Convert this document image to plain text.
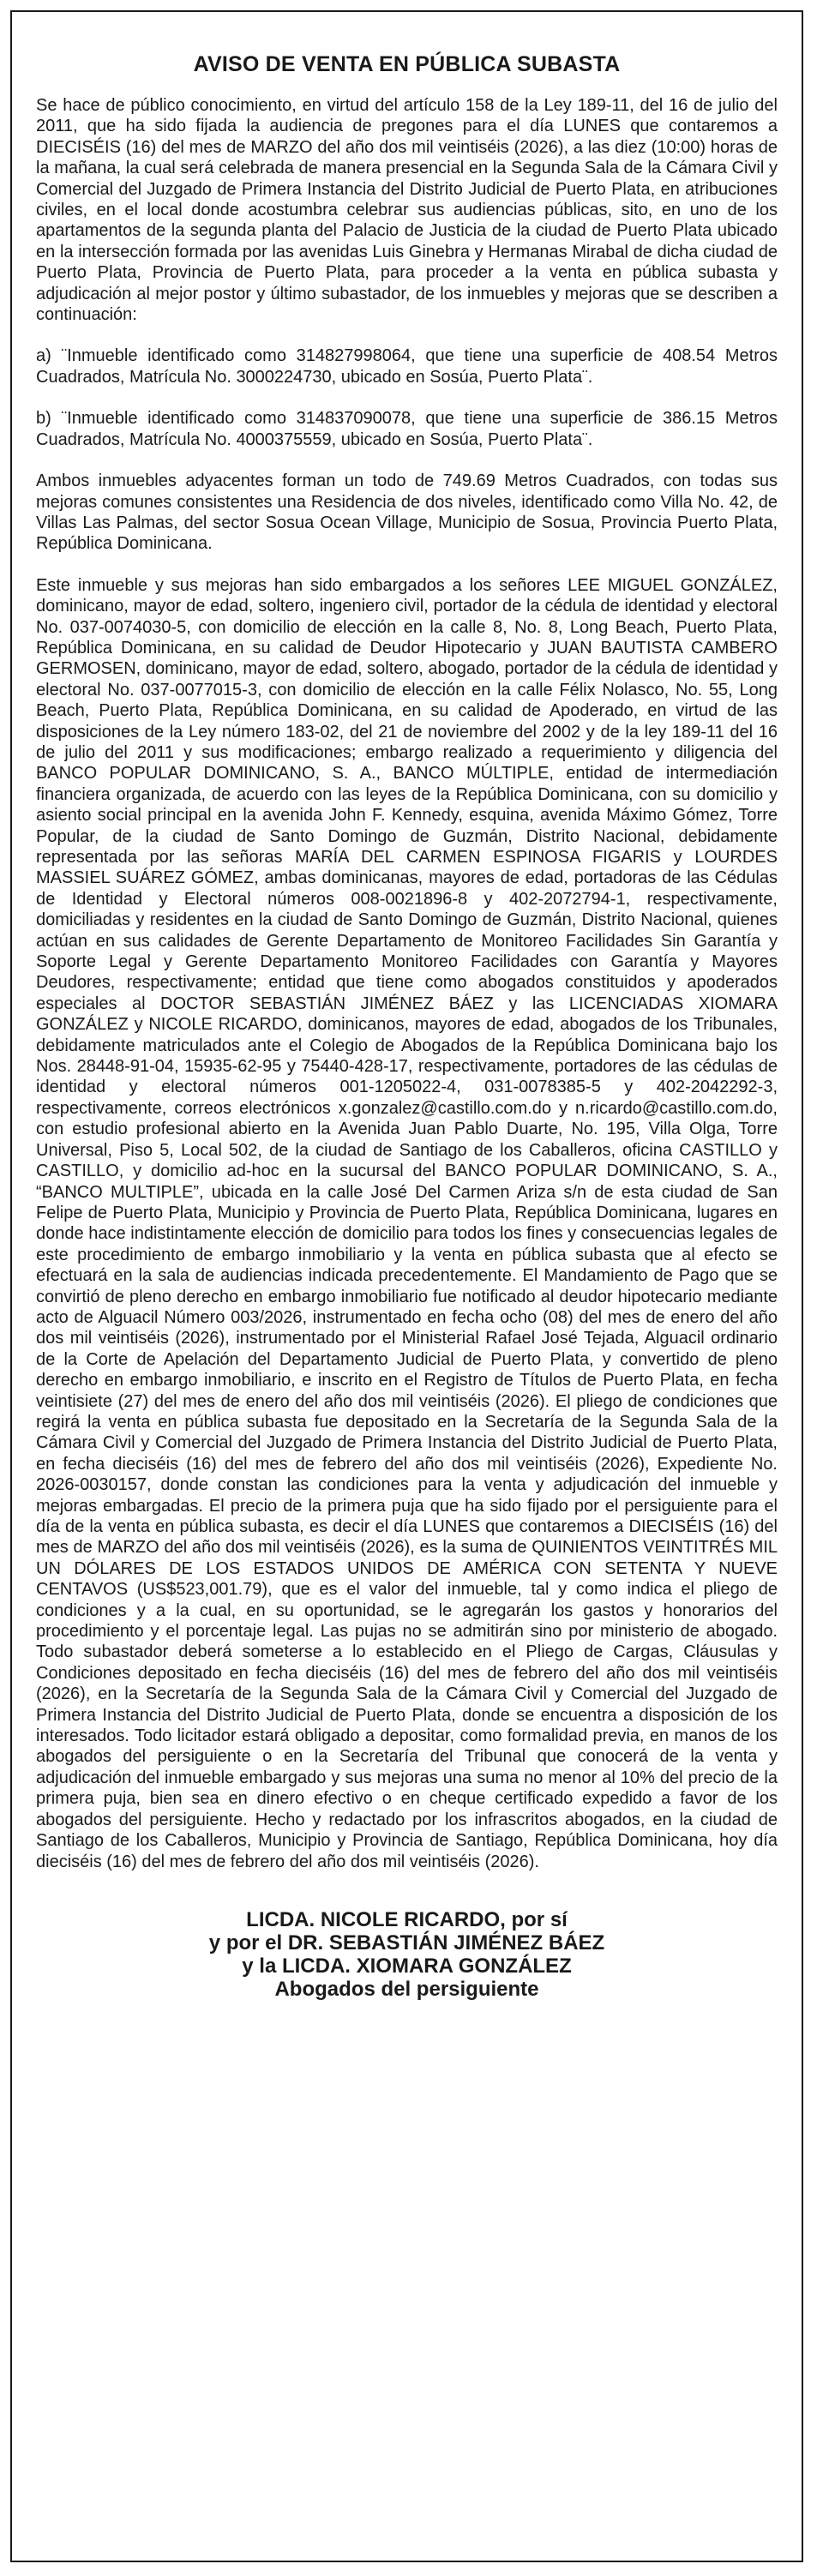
AVISO DE VENTA EN PÚBLICA SUBASTA

Se hace de público conocimiento, en virtud del artículo 158 de la Ley 189-11, del 16 de julio del 2011, que ha sido fijada la audiencia de pregones para el día LUNES que contaremos a DIECISÉIS (16) del mes de MARZO del año dos mil veintiséis (2026), a las diez (10:00) horas de la mañana, la cual será celebrada de manera presencial en la Segunda Sala de la Cámara Civil y Comercial del Juzgado de Primera Instancia del Distrito Judicial de Puerto Plata, en atribuciones civiles, en el local donde acostumbra celebrar sus audiencias públicas, sito, en uno de los apartamentos de la segunda planta del Palacio de Justicia de la ciudad de Puerto Plata ubicado en la intersección formada por las avenidas Luis Ginebra y Hermanas Mirabal de dicha ciudad de Puerto Plata, Provincia de Puerto Plata, para proceder a la venta en pública subasta y adjudicación al mejor postor y último subastador, de los inmuebles y mejoras que se describen a continuación:

a) ¨Inmueble identificado como 314827998064, que tiene una superficie de 408.54 Metros Cuadrados, Matrícula No. 3000224730, ubicado en Sosúa, Puerto Plata¨.

b) ¨Inmueble identificado como 314837090078, que tiene una superficie de 386.15 Metros Cuadrados, Matrícula No. 4000375559, ubicado en Sosúa, Puerto Plata¨.

Ambos inmuebles adyacentes forman un todo de 749.69 Metros Cuadrados, con todas sus mejoras comunes consistentes una Residencia de dos niveles, identificado como Villa No. 42, de Villas Las Palmas, del sector Sosua Ocean Village, Municipio de Sosua, Provincia Puerto Plata, República Dominicana.

Este inmueble y sus mejoras han sido embargados a los señores LEE MIGUEL GONZÁLEZ, dominicano, mayor de edad, soltero, ingeniero civil, portador de la cédula de identidad y electoral No. 037-0074030-5, con domicilio de elección en la calle 8, No. 8, Long Beach, Puerto Plata, República Dominicana, en su calidad de Deudor Hipotecario y JUAN BAUTISTA CAMBERO GERMOSEN, dominicano, mayor de edad, soltero, abogado, portador de la cédula de identidad y electoral No. 037-0077015-3, con domicilio de elección en la calle Félix Nolasco, No. 55, Long Beach, Puerto Plata, República Dominicana, en su calidad de Apoderado, en virtud de las disposiciones de la Ley número 183-02, del 21 de noviembre del 2002 y de la ley 189-11 del 16 de julio del 2011 y sus modificaciones; embargo realizado a requerimiento y diligencia del BANCO POPULAR DOMINICANO, S. A., BANCO MÚLTIPLE, entidad de intermediación financiera organizada, de acuerdo con las leyes de la República Dominicana, con su domicilio y asiento social principal en la avenida John F. Kennedy, esquina, avenida Máximo Gómez, Torre Popular, de la ciudad de Santo Domingo de Guzmán, Distrito Nacional, debidamente representada por las señoras MARÍA DEL CARMEN ESPINOSA FIGARIS y LOURDES MASSIEL SUÁREZ GÓMEZ, ambas dominicanas, mayores de edad, portadoras de las Cédulas de Identidad y Electoral números 008-0021896-8 y 402-2072794-1, respectivamente, domiciliadas y residentes en la ciudad de Santo Domingo de Guzmán, Distrito Nacional, quienes actúan en sus calidades de Gerente Departamento de Monitoreo Facilidades Sin Garantía y Soporte Legal y Gerente Departamento Monitoreo Facilidades con Garantía y Mayores Deudores, respectivamente; entidad que tiene como abogados constituidos y apoderados especiales al DOCTOR SEBASTIÁN JIMÉNEZ BÁEZ y las LICENCIADAS XIOMARA GONZÁLEZ y NICOLE RICARDO, dominicanos, mayores de edad, abogados de los Tribunales, debidamente matriculados ante el Colegio de Abogados de la República Dominicana bajo los Nos. 28448-91-04, 15935-62-95 y 75440-428-17, respectivamente, portadores de las cédulas de identidad y electoral números 001-1205022-4, 031-0078385-5 y 402-2042292-3, respectivamente, correos electrónicos x.gonzalez@castillo.com.do y n.ricardo@castillo.com.do, con estudio profesional abierto en la Avenida Juan Pablo Duarte, No. 195, Villa Olga, Torre Universal, Piso 5, Local 502, de la ciudad de Santiago de los Caballeros, oficina CASTILLO y CASTILLO, y domicilio ad-hoc en la sucursal del BANCO POPULAR DOMINICANO, S. A., “BANCO MULTIPLE”, ubicada en la calle José Del Carmen Ariza s/n de esta ciudad de San Felipe de Puerto Plata, Municipio y Provincia de Puerto Plata, República Dominicana, lugares en donde hace indistintamente elección de domicilio para todos los fines y consecuencias legales de este procedimiento de embargo inmobiliario y la venta en pública subasta que al efecto se efectuará en la sala de audiencias indicada precedentemente. El Mandamiento de Pago que se convirtió de pleno derecho en embargo inmobiliario fue notificado al deudor hipotecario mediante acto de Alguacil Número 003/2026, instrumentado en fecha ocho (08) del mes de enero del año dos mil veintiséis (2026), instrumentado por el Ministerial Rafael José Tejada, Alguacil ordinario de la Corte de Apelación del Departamento Judicial de Puerto Plata, y convertido de pleno derecho en embargo inmobiliario, e inscrito en el Registro de Títulos de Puerto Plata, en fecha veintisiete (27) del mes de enero del año dos mil veintiséis (2026). El pliego de condiciones que regirá la venta en pública subasta fue depositado en la Secretaría de la Segunda Sala de la Cámara Civil y Comercial del Juzgado de Primera Instancia del Distrito Judicial de Puerto Plata, en fecha dieciséis (16) del mes de febrero del año dos mil veintiséis (2026), Expediente No. 2026-0030157, donde constan las condiciones para la venta y adjudicación del inmueble y mejoras embargadas. El precio de la primera puja que ha sido fijado por el persiguiente para el día de la venta en pública subasta, es decir el día LUNES que contaremos a DIECISÉIS (16) del mes de MARZO del año dos mil veintiséis (2026), es la suma de QUINIENTOS VEINTITRÉS MIL UN DÓLARES DE LOS ESTADOS UNIDOS DE AMÉRICA CON SETENTA Y NUEVE CENTAVOS (US$523,001.79), que es el valor del inmueble, tal y como indica el pliego de condiciones y a la cual, en su oportunidad, se le agregarán los gastos y honorarios del procedimiento y el porcentaje legal. Las pujas no se admitirán sino por ministerio de abogado. Todo subastador deberá someterse a lo establecido en el Pliego de Cargas, Cláusulas y Condiciones depositado en fecha dieciséis (16) del mes de febrero del año dos mil veintiséis (2026), en la Secretaría de la Segunda Sala de la Cámara Civil y Comercial del Juzgado de Primera Instancia del Distrito Judicial de Puerto Plata, donde se encuentra a disposición de los interesados. Todo licitador estará obligado a depositar, como formalidad previa, en manos de los abogados del persiguiente o en la Secretaría del Tribunal que conocerá de la venta y adjudicación del inmueble embargado y sus mejoras una suma no menor al 10% del precio de la primera puja, bien sea en dinero efectivo o en cheque certificado expedido a favor de los abogados del persiguiente. Hecho y redactado por los infrascritos abogados, en la ciudad de Santiago de los Caballeros, Municipio y Provincia de Santiago, República Dominicana, hoy día dieciséis (16) del mes de febrero del año dos mil veintiséis (2026).

LICDA. NICOLE RICARDO, por sí
y por el DR. SEBASTIÁN JIMÉNEZ BÁEZ
y la LICDA. XIOMARA GONZÁLEZ
Abogados del persiguiente
